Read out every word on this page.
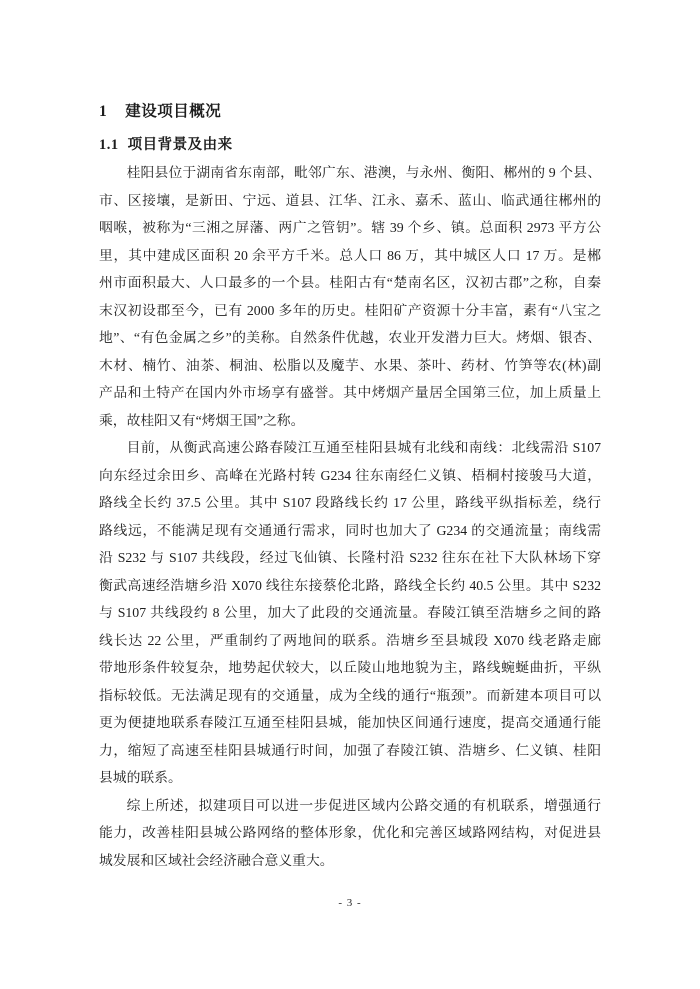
1 建设项目概况
1.1 项目背景及由来
桂阳县位于湖南省东南部，毗邻广东、港澳，与永州、衡阳、郴州的 9 个县、
市、区接壤，是新田、宁远、道县、江华、江永、嘉禾、蓝山、临武通往郴州的
咽喉，被称为“三湘之屏藩、两广之管钥”。辖 39 个乡、镇。总面积 2973 平方公
里，其中建成区面积 20 余平方千米。总人口 86 万，其中城区人口 17 万。是郴
州市面积最大、人口最多的一个县。桂阳古有“楚南名区，汉初古郡”之称，自秦
末汉初设郡至今，已有 2000 多年的历史。桂阳矿产资源十分丰富，素有“八宝之
地”、“有色金属之乡”的美称。自然条件优越，农业开发潜力巨大。烤烟、银杏、
木材、楠竹、油茶、桐油、松脂以及魔芋、水果、茶叶、药材、竹笋等农(林)副
产品和土特产在国内外市场享有盛誉。其中烤烟产量居全国第三位，加上质量上
乘，故桂阳又有“烤烟王国”之称。
目前，从衡武高速公路春陵江互通至桂阳县城有北线和南线：北线需沿 S107
向东经过余田乡、高峰在光路村转 G234 往东南经仁义镇、梧桐村接骏马大道，
路线全长约 37.5 公里。其中 S107 段路线长约 17 公里，路线平纵指标差，绕行
路线远，不能满足现有交通通行需求，同时也加大了 G234 的交通流量；南线需
沿 S232 与 S107 共线段，经过飞仙镇、长隆村沿 S232 往东在社下大队林场下穿
衡武高速经浩塘乡沿 X070 线往东接蔡伦北路，路线全长约 40.5 公里。其中 S232
与 S107 共线段约 8 公里，加大了此段的交通流量。春陵江镇至浩塘乡之间的路
线长达 22 公里，严重制约了两地间的联系。浩塘乡至县城段 X070 线老路走廊
带地形条件较复杂，地势起伏较大，以丘陵山地地貌为主，路线蜿蜒曲折，平纵
指标较低。无法满足现有的交通量，成为全线的通行“瓶颈”。而新建本项目可以
更为便捷地联系春陵江互通至桂阳县城，能加快区间通行速度，提高交通通行能
力，缩短了高速至桂阳县城通行时间，加强了春陵江镇、浩塘乡、仁义镇、桂阳
县城的联系。
综上所述，拟建项目可以进一步促进区域内公路交通的有机联系，增强通行
能力，改善桂阳县城公路网络的整体形象，优化和完善区域路网结构，对促进县
城发展和区域社会经济融合意义重大。
- 3 -
